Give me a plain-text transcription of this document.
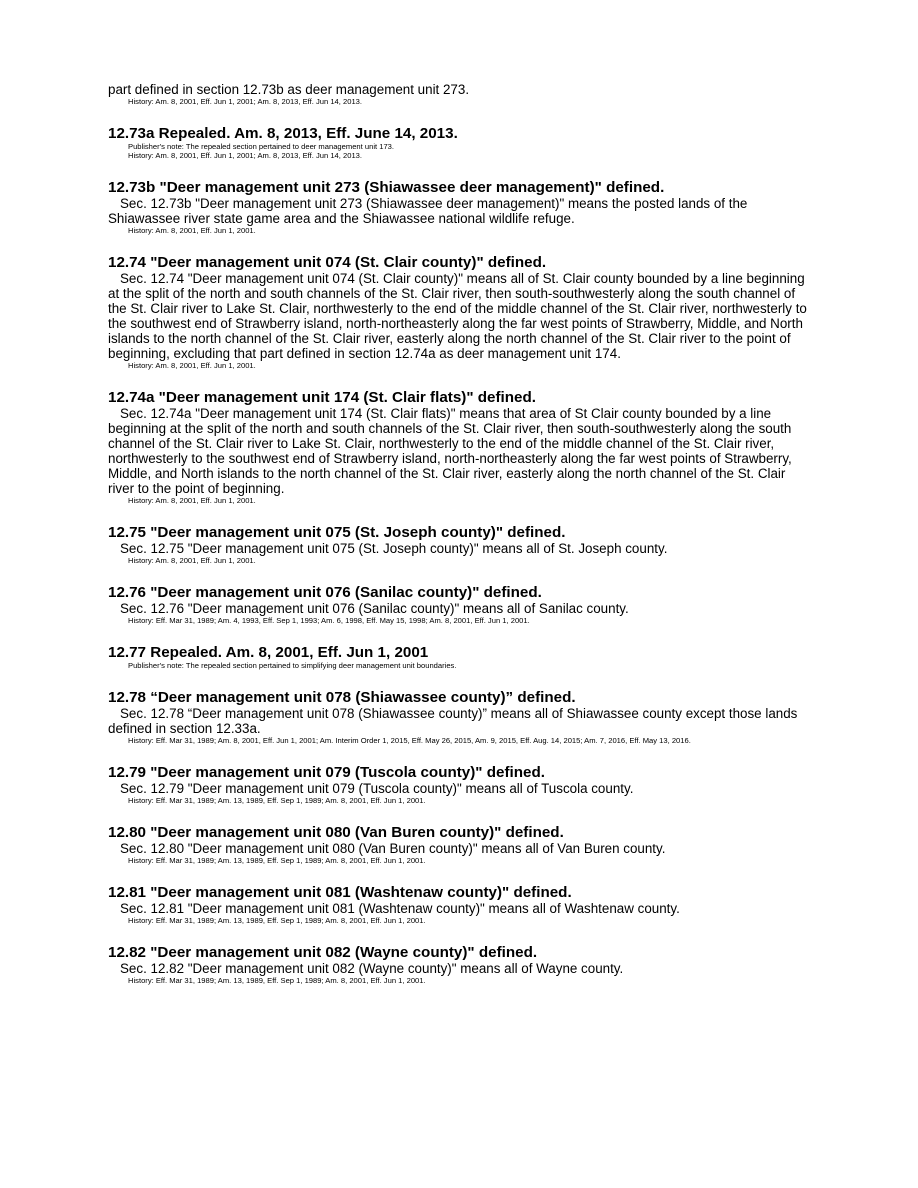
part defined in section 12.73b as deer management unit 273.

History: Am. 8, 2001, Eff. Jun 1, 2001; Am. 8, 2013, Eff. Jun 14, 2013.

12.73a Repealed. Am. 8, 2013, Eff. June 14, 2013.

Publisher's note: The repealed section pertained to deer management unit 173.

History: Am. 8, 2001, Eff. Jun 1, 2001; Am. 8, 2013, Eff. Jun 14, 2013.

12.73b "Deer management unit 273 (Shiawassee deer management)" defined.

Sec. 12.73b "Deer management unit 273 (Shiawassee deer management)" means the posted lands of the Shiawassee river state game area and the Shiawassee national wildlife refuge.

History: Am. 8, 2001, Eff. Jun 1, 2001.

12.74 "Deer management unit 074 (St. Clair county)" defined.

Sec. 12.74 "Deer management unit 074 (St. Clair county)" means all of St. Clair county bounded by a line beginning at the split of the north and south channels of the St. Clair river, then south-southwesterly along the south channel of the St. Clair river to Lake St. Clair, northwesterly to the end of the middle channel of the St. Clair river, northwesterly to the southwest end of Strawberry island, north-northeasterly along the far west points of Strawberry, Middle, and North islands to the north channel of the St. Clair river, easterly along the north channel of the St. Clair river to the point of beginning, excluding that part defined in section 12.74a as deer management unit 174.

History: Am. 8, 2001, Eff. Jun 1, 2001.

12.74a "Deer management unit 174 (St. Clair flats)" defined.

Sec. 12.74a "Deer management unit 174 (St. Clair flats)" means that area of St Clair county bounded by a line beginning at the split of the north and south channels of the St. Clair river, then south-southwesterly along the south channel of the St. Clair river to Lake St. Clair, northwesterly to the end of the middle channel of the St. Clair river, northwesterly to the southwest end of Strawberry island, north-northeasterly along the far west points of Strawberry, Middle, and North islands to the north channel of the St. Clair river, easterly along the north channel of the St. Clair river to the point of beginning.

History: Am. 8, 2001, Eff. Jun 1, 2001.

12.75 "Deer management unit 075 (St. Joseph county)" defined.

Sec. 12.75 "Deer management unit 075 (St. Joseph county)" means all of St. Joseph county.

History: Am. 8, 2001, Eff. Jun 1, 2001.

12.76 "Deer management unit 076 (Sanilac county)" defined.

Sec. 12.76 "Deer management unit 076 (Sanilac county)" means all of Sanilac county.

History: Eff. Mar 31, 1989; Am. 4, 1993, Eff. Sep 1, 1993; Am. 6, 1998, Eff. May 15, 1998; Am. 8, 2001, Eff. Jun 1, 2001.

12.77 Repealed. Am. 8, 2001, Eff. Jun 1, 2001

Publisher's note: The repealed section pertained to simplifying deer management unit boundaries.

12.78 “Deer management unit 078 (Shiawassee county)” defined.

Sec. 12.78 “Deer management unit 078 (Shiawassee county)” means all of Shiawassee county except those lands defined in section 12.33a.

History: Eff. Mar 31, 1989; Am. 8, 2001, Eff. Jun 1, 2001; Am. Interim Order 1, 2015, Eff. May 26, 2015, Am. 9, 2015, Eff. Aug. 14, 2015; Am. 7, 2016, Eff. May 13, 2016.

12.79 "Deer management unit 079 (Tuscola county)" defined.

Sec. 12.79 "Deer management unit 079 (Tuscola county)" means all of Tuscola county.

History: Eff. Mar 31, 1989; Am. 13, 1989, Eff. Sep 1, 1989; Am. 8, 2001, Eff. Jun 1, 2001.

12.80 "Deer management unit 080 (Van Buren county)" defined.

Sec. 12.80 "Deer management unit 080 (Van Buren county)" means all of Van Buren county.

History: Eff. Mar 31, 1989; Am. 13, 1989, Eff. Sep 1, 1989; Am. 8, 2001, Eff. Jun 1, 2001.

12.81 "Deer management unit 081 (Washtenaw county)" defined.

Sec. 12.81 "Deer management unit 081 (Washtenaw county)" means all of Washtenaw county.

History: Eff. Mar 31, 1989; Am. 13, 1989, Eff. Sep 1, 1989; Am. 8, 2001, Eff. Jun 1, 2001.

12.82 "Deer management unit 082 (Wayne county)" defined.

Sec. 12.82 "Deer management unit 082 (Wayne county)" means all of Wayne county.

History: Eff. Mar 31, 1989; Am. 13, 1989, Eff. Sep 1, 1989; Am. 8, 2001, Eff. Jun 1, 2001.
